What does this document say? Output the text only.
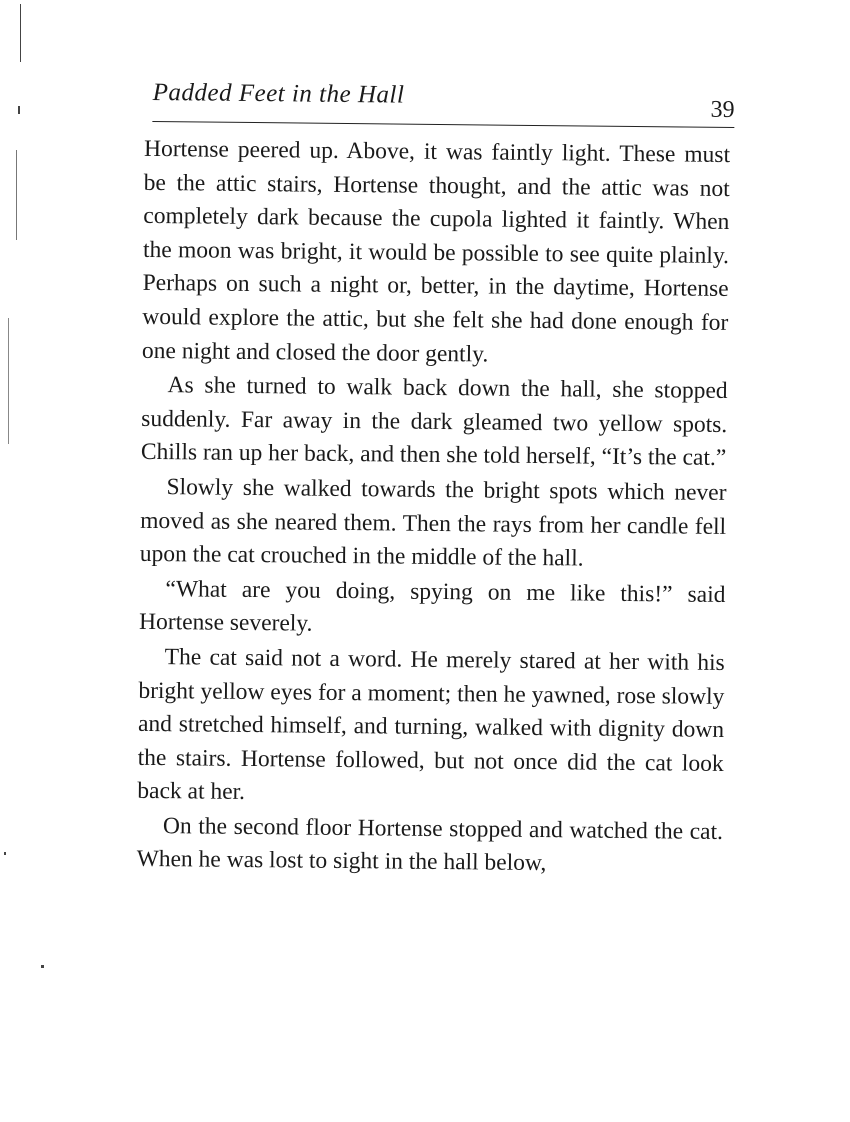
Padded Feet in the Hall
39

Hortense peered up. Above, it was faintly light. These must be the attic stairs, Hortense thought, and the attic was not completely dark because the cupola lighted it faintly. When the moon was bright, it would be possible to see quite plainly. Perhaps on such a night or, better, in the daytime, Hortense would explore the attic, but she felt she had done enough for one night and closed the door gently.

As she turned to walk back down the hall, she stopped suddenly. Far away in the dark gleamed two yellow spots. Chills ran up her back, and then she told herself, “It’s the cat.”

Slowly she walked towards the bright spots which never moved as she neared them. Then the rays from her candle fell upon the cat crouched in the middle of the hall.

“What are you doing, spying on me like this!” said Hortense severely.

The cat said not a word. He merely stared at her with his bright yellow eyes for a moment; then he yawned, rose slowly and stretched himself, and turning, walked with dignity down the stairs. Hortense followed, but not once did the cat look back at her.

On the second floor Hortense stopped and watched the cat. When he was lost to sight in the hall below,
